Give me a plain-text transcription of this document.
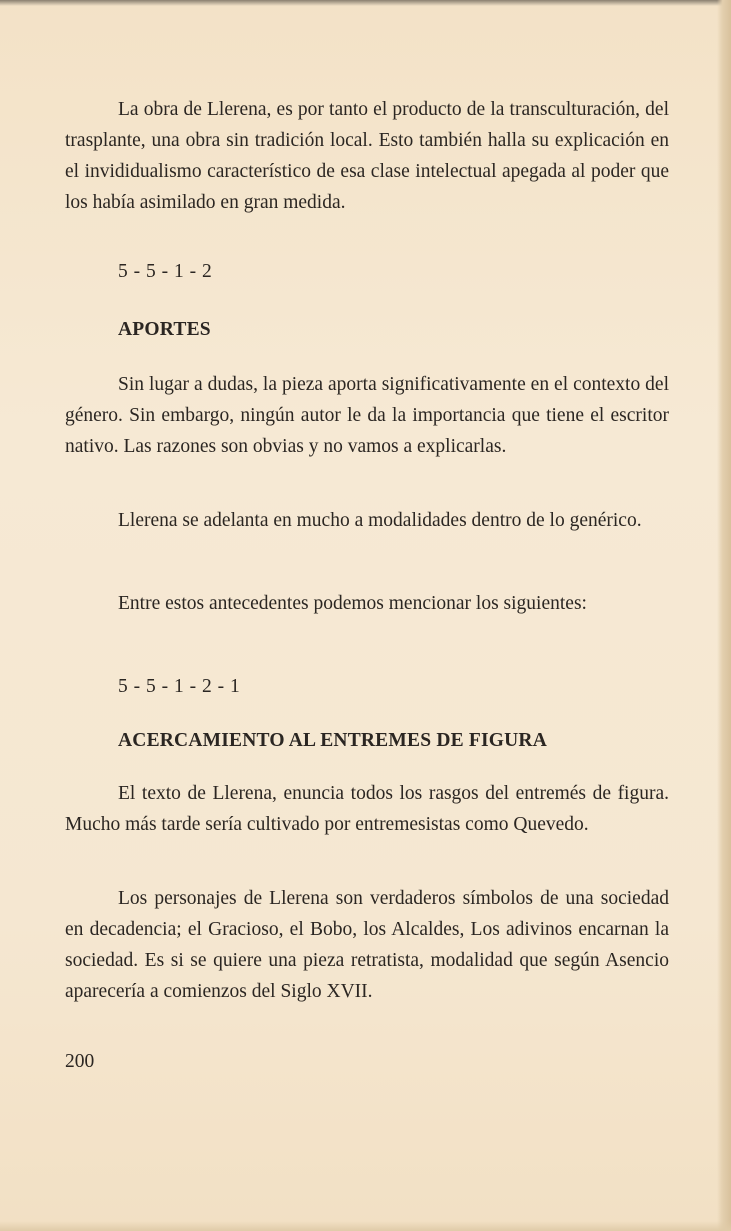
La obra de Llerena, es por tanto el producto de la transculturación, del trasplante, una obra sin tradición local. Esto también halla su explicación en el invididualismo característico de esa clase intelectual apegada al poder que los había asimilado en gran medida.

5 - 5 - 1 - 2

APORTES

Sin lugar a dudas, la pieza aporta significativamente en el contexto del género. Sin embargo, ningún autor le da la importancia que tiene el escritor nativo. Las razones son obvias y no vamos a explicarlas.

Llerena se adelanta en mucho a modalidades dentro de lo genérico.

Entre estos antecedentes podemos mencionar los siguientes:

5 - 5 - 1 - 2 - 1

ACERCAMIENTO AL ENTREMES DE FIGURA

El texto de Llerena, enuncia todos los rasgos del entremés de figura. Mucho más tarde sería cultivado por entremesistas como Quevedo.

Los personajes de Llerena son verdaderos símbolos de una sociedad en decadencia; el Gracioso, el Bobo, los Alcaldes, Los adivinos encarnan la sociedad. Es si se quiere una pieza retratista, modalidad que según Asencio aparecería a comienzos del Siglo XVII.

200
